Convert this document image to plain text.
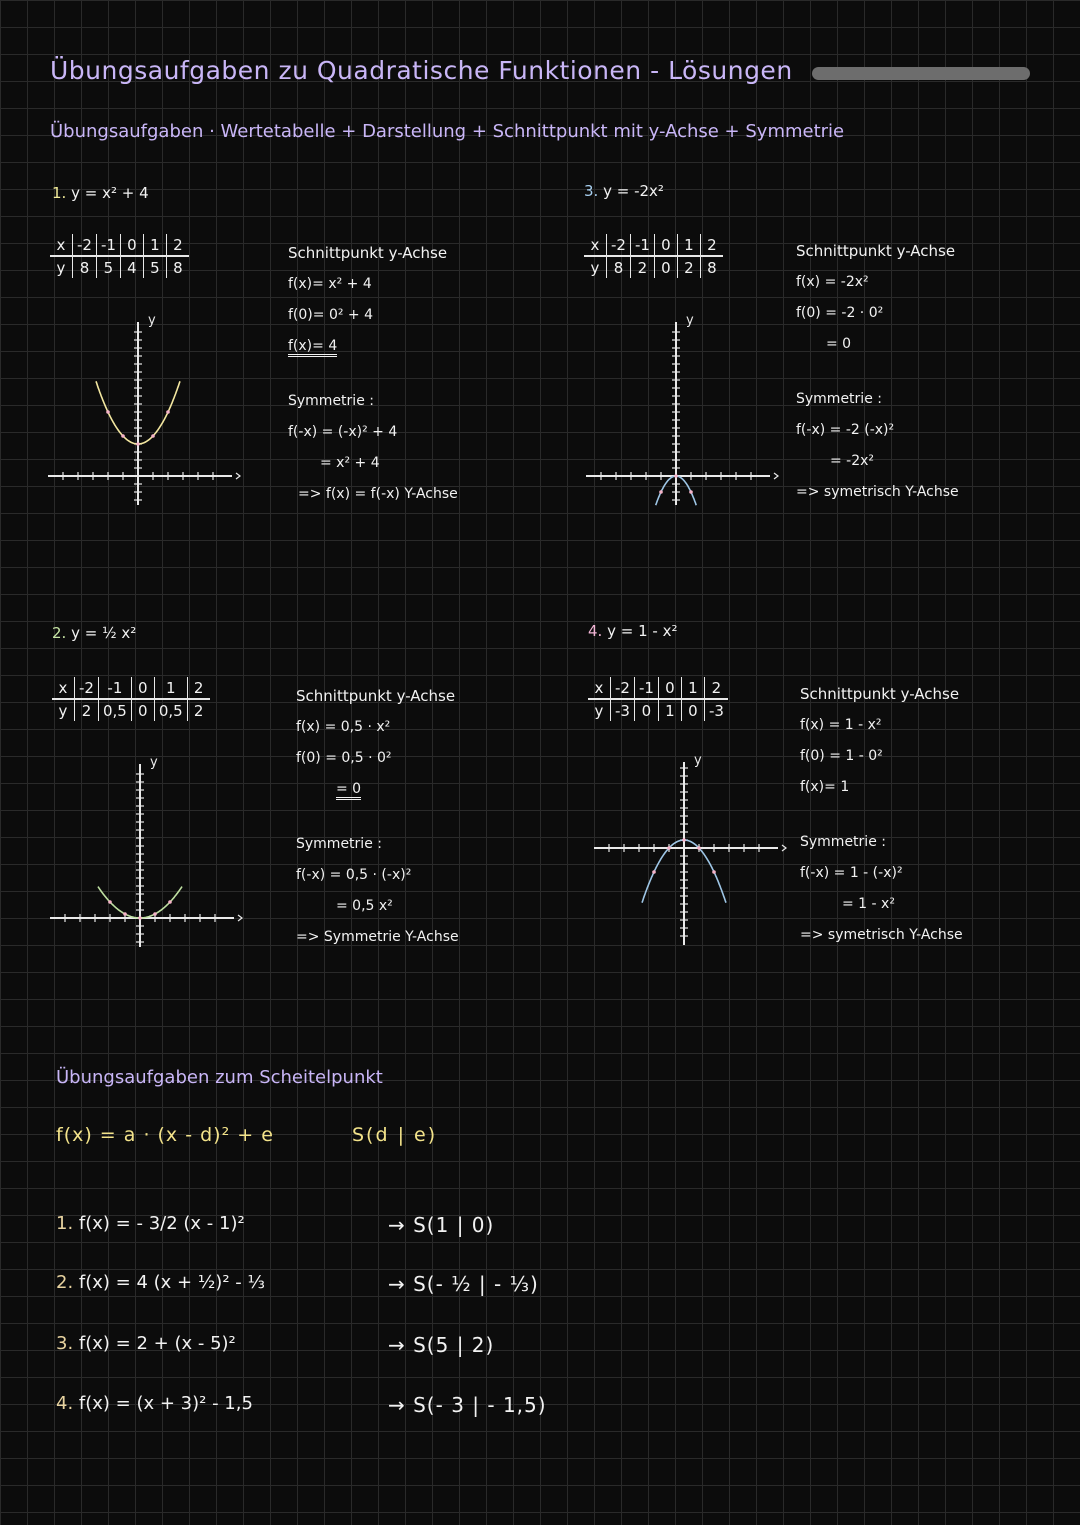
Übungsaufgaben zu Quadratische Funktionen - Lösungen
Übungsaufgaben · Wertetabelle + Darstellung + Schnittpunkt mit y-Achse + Symmetrie
1. y = x² + 4
x	-2	-1	0	1	2
y	8	5	4	5	8
y
Schnittpunkt y-Achse
f(x)= x² + 4
f(0)= 0² + 4
f(x)= 4
Symmetrie :
f(-x) = (-x)² + 4
= x² + 4
=> f(x) = f(-x) Y-Achse
3. y = -2x²
x	-2	-1	0	1	2
y	8	2	0	2	8
y
Schnittpunkt y-Achse
f(x) = -2x²
f(0) = -2 · 0²
= 0
Symmetrie :
f(-x) = -2 (-x)²
= -2x²
=> symetrisch Y-Achse
2. y = ½ x²
x	-2	-1	0	1	2
y	2	0,5	0	0,5	2
y
Schnittpunkt y-Achse
f(x) = 0,5 · x²
f(0) = 0,5 · 0²
= 0
Symmetrie :
f(-x) = 0,5 · (-x)²
= 0,5 x²
=> Symmetrie Y-Achse
4. y = 1 - x²
x	-2	-1	0	1	2
y	-3	0	1	0	-3
y
Schnittpunkt y-Achse
f(x) = 1 - x²
f(0) = 1 - 0²
f(x)= 1
Symmetrie :
f(-x) = 1 - (-x)²
= 1 - x²
=> symetrisch Y-Achse
Übungsaufgaben zum Scheitelpunkt
f(x) = a · (x - d)² + e	S(d | e)
1. f(x) = - 3/2 (x - 1)²	→ S(1 | 0)
2. f(x) = 4 (x + ½)² - ⅓	→ S(- ½ | - ⅓)
3. f(x) = 2 + (x - 5)²	→ S(5 | 2)
4. f(x) = (x + 3)² - 1,5	→ S(- 3 | - 1,5)
